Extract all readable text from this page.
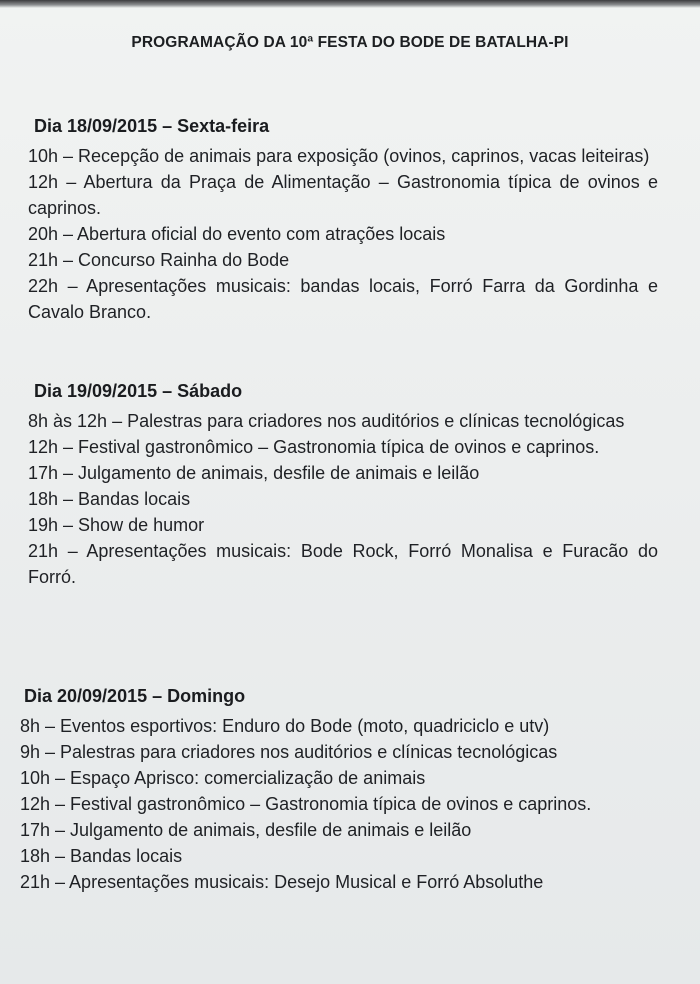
PROGRAMAÇÃO DA 10ª FESTA DO BODE DE BATALHA-PI
Dia 18/09/2015 – Sexta-feira
10h – Recepção de animais para exposição (ovinos, caprinos, vacas leiteiras)
12h – Abertura da Praça de Alimentação – Gastronomia típica de ovinos e caprinos.
20h – Abertura oficial do evento com atrações locais
21h – Concurso Rainha do Bode
22h – Apresentações musicais: bandas locais, Forró Farra da Gordinha e Cavalo Branco.
Dia 19/09/2015 – Sábado
8h às 12h – Palestras para criadores nos auditórios e clínicas tecnológicas
12h – Festival gastronômico – Gastronomia típica de ovinos e caprinos.
17h – Julgamento de animais, desfile de animais e leilão
18h – Bandas locais
19h – Show de humor
21h – Apresentações musicais: Bode Rock, Forró Monalisa e Furacão do Forró.
Dia 20/09/2015 – Domingo
8h – Eventos esportivos: Enduro do Bode (moto, quadriciclo e utv)
9h – Palestras para criadores nos auditórios e clínicas tecnológicas
10h – Espaço Aprisco: comercialização de animais
12h – Festival gastronômico – Gastronomia típica de ovinos e caprinos.
17h – Julgamento de animais, desfile de animais e leilão
18h – Bandas locais
21h – Apresentações musicais: Desejo Musical e Forró Absoluthe
